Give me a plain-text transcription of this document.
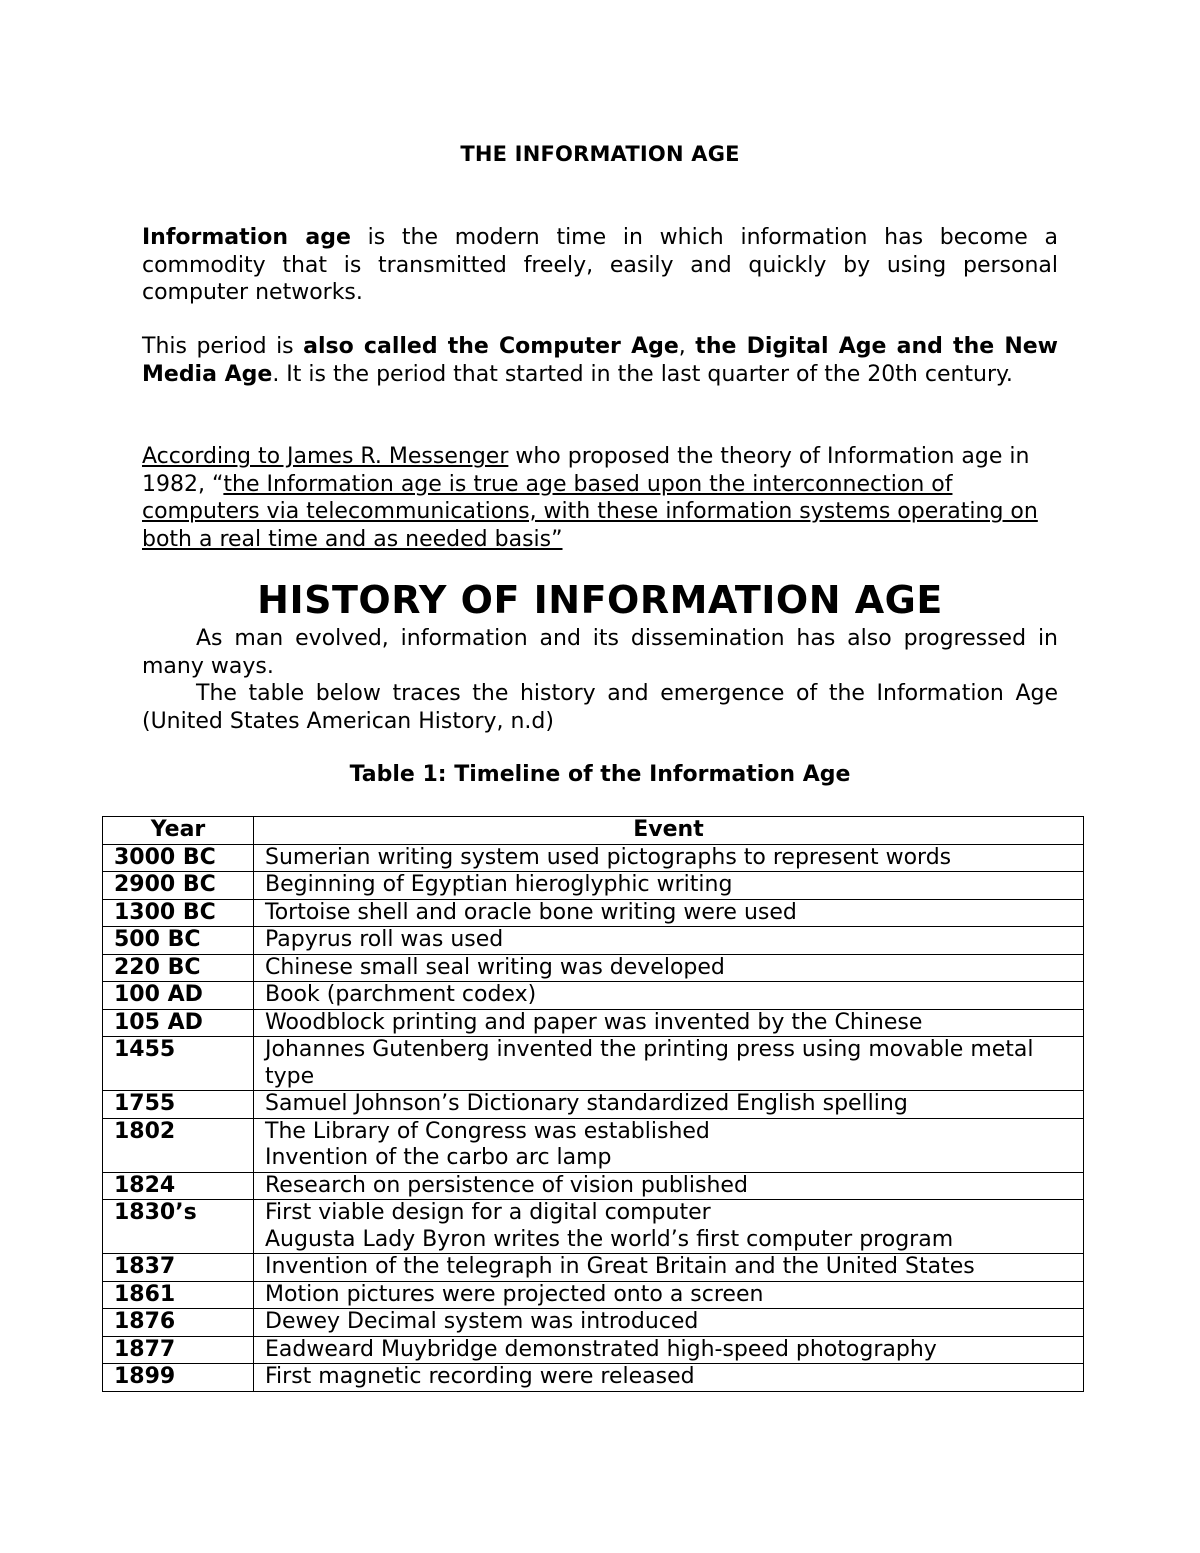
THE INFORMATION AGE

Information age is the modern time in which information has become a commodity that is transmitted freely, easily and quickly by using personal computer networks.

This period is also called the Computer Age, the Digital Age and the New Media Age. It is the period that started in the last quarter of the 20th century.

According to James R. Messenger who proposed the theory of Information age in 1982, “the Information age is true age based upon the interconnection of computers via telecommunications, with these information systems operating on both a real time and as needed basis”

HISTORY OF INFORMATION AGE

As man evolved, information and its dissemination has also progressed in many ways.

The table below traces the history and emergence of the Information Age (United States American History, n.d)

Table 1: Timeline of the Information Age
Year	Event
3000 BC	Sumerian writing system used pictographs to represent words

2900 BC	Beginning of Egyptian hieroglyphic writing

1300 BC	Tortoise shell and oracle bone writing were used

500 BC	Papyrus roll was used

220 BC	Chinese small seal writing was developed

100 AD	Book (parchment codex)

105 AD	Woodblock printing and paper was invented by the Chinese

1455	Johannes Gutenberg invented the printing press using movable metal type

1755	Samuel Johnson’s Dictionary standardized English spelling

1802	The Library of Congress was established
Invention of the carbo arc lamp

1824	Research on persistence of vision published

1830’s	First viable design for a digital computer
Augusta Lady Byron writes the world’s first computer program

1837	Invention of the telegraph in Great Britain and the United States

1861	Motion pictures were projected onto a screen

1876	Dewey Decimal system was introduced

1877	Eadweard Muybridge demonstrated high-speed photography

1899	First magnetic recording were released
